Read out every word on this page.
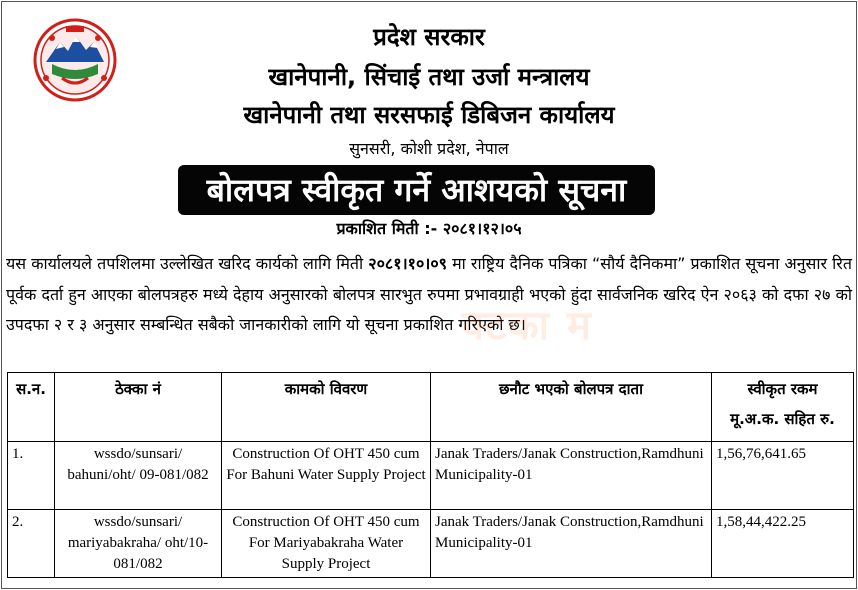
प्रदेश सरकार
खानेपानी, सिंचाई तथा उर्जा मन्त्रालय
खानेपानी तथा सरसफाई डिबिजन कार्यालय
सुनसरी, कोशी प्रदेश, नेपाल
बोलपत्र स्वीकृत गर्ने आशयको सूचना
प्रकाशित मिती :- २०८१।१२।०५
यस कार्यालयले तपशिलमा उल्लेखित खरिद कार्यको लागि मिती २०८१।१०।०९ मा राष्ट्रिय दैनिक पत्रिका “सौर्य दैनिकमा” प्रकाशित सूचना अनुसार रित पूर्वक दर्ता हुन आएका बोलपत्रहरु मध्ये देहाय अनुसारको बोलपत्र सारभुत रुपमा प्रभावग्राही भएको हुंदा सार्वजनिक खरिद ऐन २०६३ को दफा २७ को उपदफा २ र ३ अनुसार सम्बन्धित सबैको जानकारीको लागि यो सूचना प्रकाशित गरिएको छ।
क्टका म
स.न.	ठेक्का नं	कामको विवरण	छनौट भएको बोलपत्र दाता	स्वीकृत रकम
मू.अ.क. सहित रु.

1.	wssdo/sunsari/ bahuni/oht/ 09-081/082	Construction Of OHT 450 cum For Bahuni Water Supply Project	Janak Traders/Janak Construction,Ramdhuni Municipality-01	1,56,76,641.65
2.	wssdo/sunsari/ mariyabakraha/ oht/10-081/082	Construction Of OHT 450 cum For Mariyabakraha Water Supply Project	Janak Traders/Janak Construction,Ramdhuni Municipality-01	1,58,44,422.25
